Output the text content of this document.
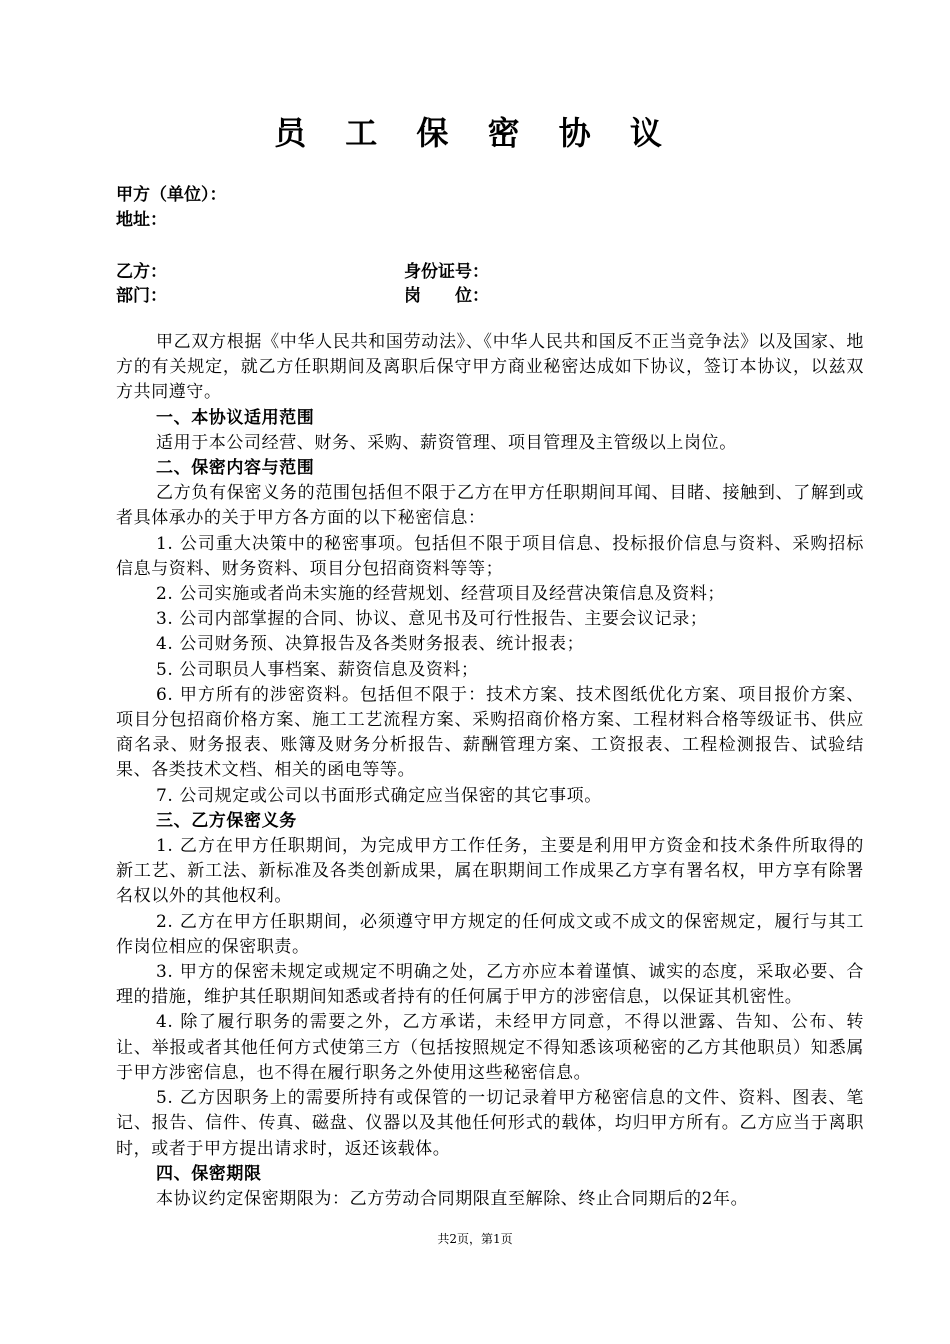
员 工 保 密 协 议
甲方（单位）：
地址：
乙方：	身份证号：
部门：	岗　　位：

甲乙双方根据《中华人民共和国劳动法》、《中华人民共和国反不正当竞争法》以及国家、地方的有关规定，就乙方任职期间及离职后保守甲方商业秘密达成如下协议，签订本协议，以兹双方共同遵守。

一、本协议适用范围

适用于本公司经营、财务、采购、薪资管理、项目管理及主管级以上岗位。

二、保密内容与范围

乙方负有保密义务的范围包括但不限于乙方在甲方任职期间耳闻、目睹、接触到、了解到或者具体承办的关于甲方各方面的以下秘密信息：

1. 公司重大决策中的秘密事项。包括但不限于项目信息、投标报价信息与资料、采购招标信息与资料、财务资料、项目分包招商资料等等；

2. 公司实施或者尚未实施的经营规划、经营项目及经营决策信息及资料；

3. 公司内部掌握的合同、协议、意见书及可行性报告、主要会议记录；

4. 公司财务预、决算报告及各类财务报表、统计报表；

5. 公司职员人事档案、薪资信息及资料；

6. 甲方所有的涉密资料。包括但不限于：技术方案、技术图纸优化方案、项目报价方案、项目分包招商价格方案、施工工艺流程方案、采购招商价格方案、工程材料合格等级证书、供应商名录、财务报表、账簿及财务分析报告、薪酬管理方案、工资报表、工程检测报告、试验结果、各类技术文档、相关的函电等等。

7. 公司规定或公司以书面形式确定应当保密的其它事项。

三、乙方保密义务

1. 乙方在甲方任职期间，为完成甲方工作任务，主要是利用甲方资金和技术条件所取得的新工艺、新工法、新标准及各类创新成果，属在职期间工作成果乙方享有署名权，甲方享有除署名权以外的其他权利。

2. 乙方在甲方任职期间，必须遵守甲方规定的任何成文或不成文的保密规定，履行与其工作岗位相应的保密职责。

3. 甲方的保密未规定或规定不明确之处，乙方亦应本着谨慎、诚实的态度，采取必要、合理的措施，维护其任职期间知悉或者持有的任何属于甲方的涉密信息，以保证其机密性。

4. 除了履行职务的需要之外，乙方承诺，未经甲方同意，不得以泄露、告知、公布、转让、举报或者其他任何方式使第三方（包括按照规定不得知悉该项秘密的乙方其他职员）知悉属于甲方涉密信息，也不得在履行职务之外使用这些秘密信息。

5. 乙方因职务上的需要所持有或保管的一切记录着甲方秘密信息的文件、资料、图表、笔记、报告、信件、传真、磁盘、仪器以及其他任何形式的载体，均归甲方所有。乙方应当于离职时，或者于甲方提出请求时，返还该载体。

四、保密期限

本协议约定保密期限为：乙方劳动合同期限直至解除、终止合同期后的2年。

共2页，第1页
